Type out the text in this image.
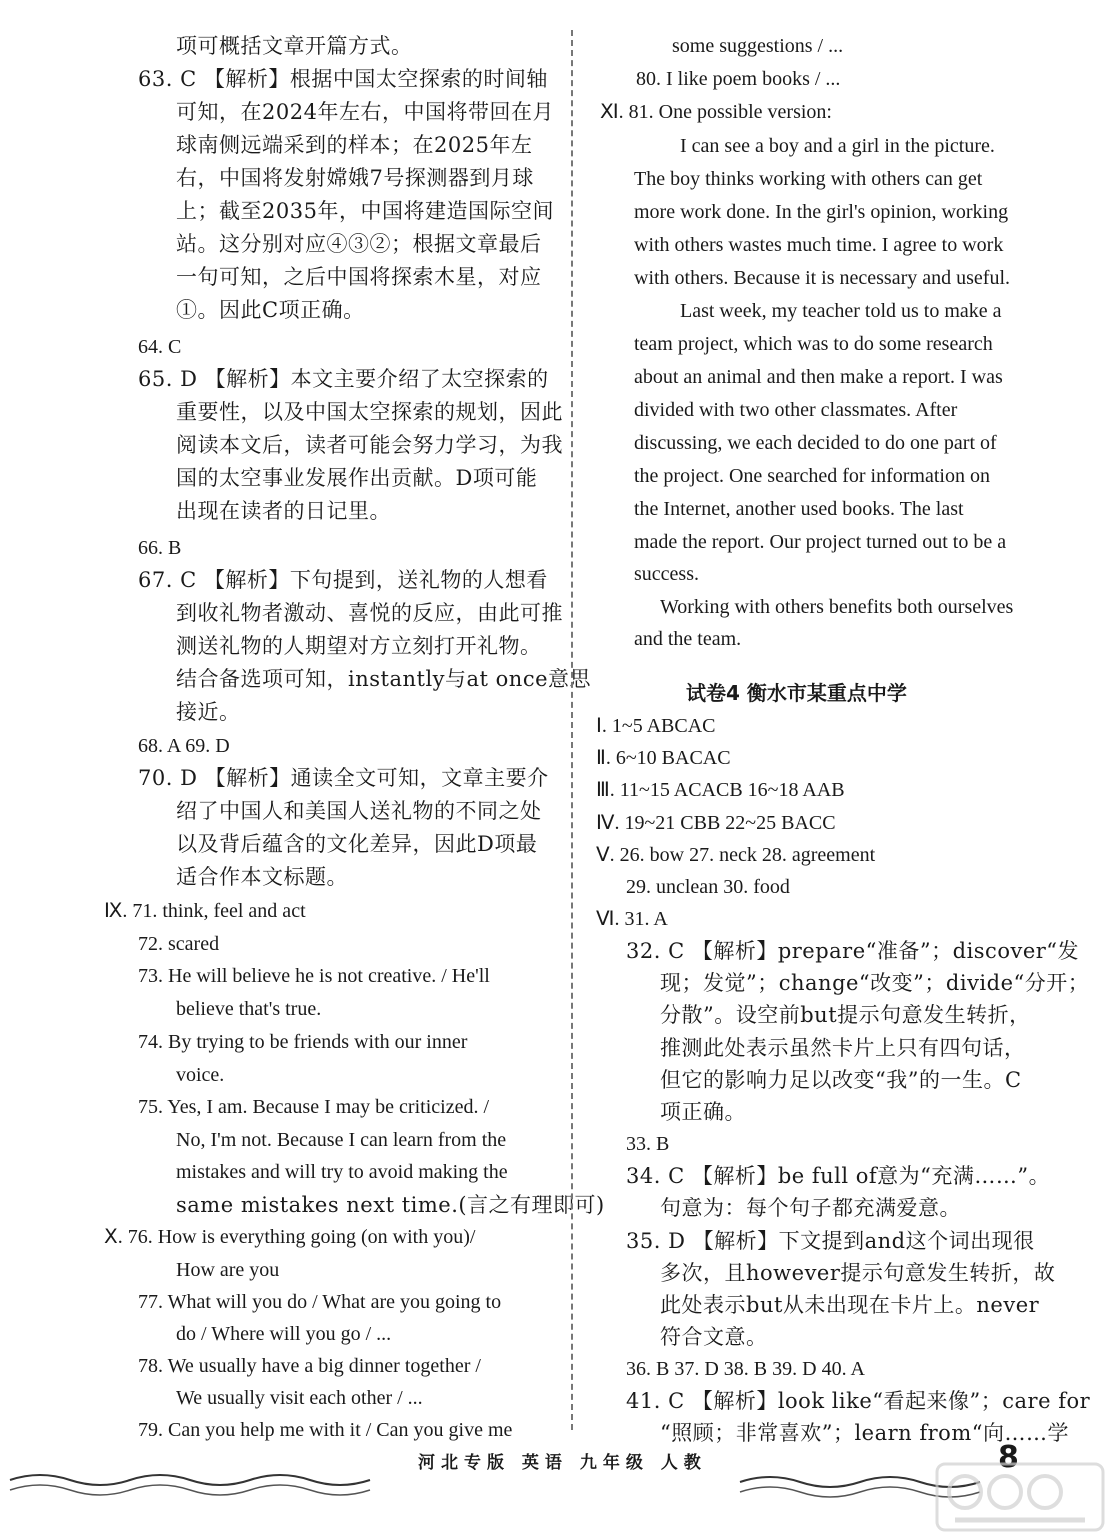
项可概括文章开篇方式。
63. C 【解析】根据中国太空探索的时间轴
可知，在2024年左右，中国将带回在月
球南侧远端采到的样本；在2025年左
右，中国将发射嫦娥7号探测器到月球
上；截至2035年，中国将建造国际空间
站。这分别对应④③②；根据文章最后
一句可知，之后中国将探索木星，对应
①。因此C项正确。
64. C
65. D 【解析】本文主要介绍了太空探索的
重要性，以及中国太空探索的规划，因此
阅读本文后，读者可能会努力学习，为我
国的太空事业发展作出贡献。D项可能
出现在读者的日记里。
66. B
67. C 【解析】下句提到，送礼物的人想看
到收礼物者激动、喜悦的反应，由此可推
测送礼物的人期望对方立刻打开礼物。
结合备选项可知，instantly与at once意思
接近。
68. A 69. D
70. D 【解析】通读全文可知，文章主要介
绍了中国人和美国人送礼物的不同之处
以及背后蕴含的文化差异，因此D项最
适合作本文标题。
Ⅸ. 71. think, feel and act
72. scared
73. He will believe he is not creative. / He'll
believe that's true.
74. By trying to be friends with our inner
voice.
75. Yes, I am. Because I may be criticized. /
No, I'm not. Because I can learn from the
mistakes and will try to avoid making the
same mistakes next time.(言之有理即可)
Ⅹ. 76. How is everything going (on with you)/
How are you
77. What will you do / What are you going to
do / Where will you go / ...
78. We usually have a big dinner together /
We usually visit each other / ...
79. Can you help me with it / Can you give me
some suggestions / ...
80. I like poem books / ...
Ⅺ. 81. One possible version:
I can see a boy and a girl in the picture.
The boy thinks working with others can get
more work done. In the girl's opinion, working
with others wastes much time. I agree to work
with others. Because it is necessary and useful.
Last week, my teacher told us to make a
team project, which was to do some research
about an animal and then make a report. I was
divided with two other classmates. After
discussing, we each decided to do one part of
the project. One searched for information on
the Internet, another used books. The last
made the report. Our project turned out to be a
success.
Working with others benefits both ourselves
and the team.
试卷4 衡水市某重点中学
Ⅰ. 1~5 ABCAC
Ⅱ. 6~10 BACAC
Ⅲ. 11~15 ACACB 16~18 AAB
Ⅳ. 19~21 CBB 22~25 BACC
Ⅴ. 26. bow 27. neck 28. agreement
29. unclean 30. food
Ⅵ. 31. A
32. C 【解析】prepare“准备”；discover“发
现；发觉”；change“改变”；divide“分开；
分散”。设空前but提示句意发生转折，
推测此处表示虽然卡片上只有四句话，
但它的影响力足以改变“我”的一生。C
项正确。
33. B
34. C 【解析】be full of意为“充满……”。
句意为：每个句子都充满爱意。
35. D 【解析】下文提到and这个词出现很
多次，且however提示句意发生转折，故
此处表示but从未出现在卡片上。never
符合文意。
36. B 37. D 38. B 39. D 40. A
41. C 【解析】look like“看起来像”；care for
“照顾；非常喜欢”；learn from“向……学
河北专版 英语 九年级 人教	8
